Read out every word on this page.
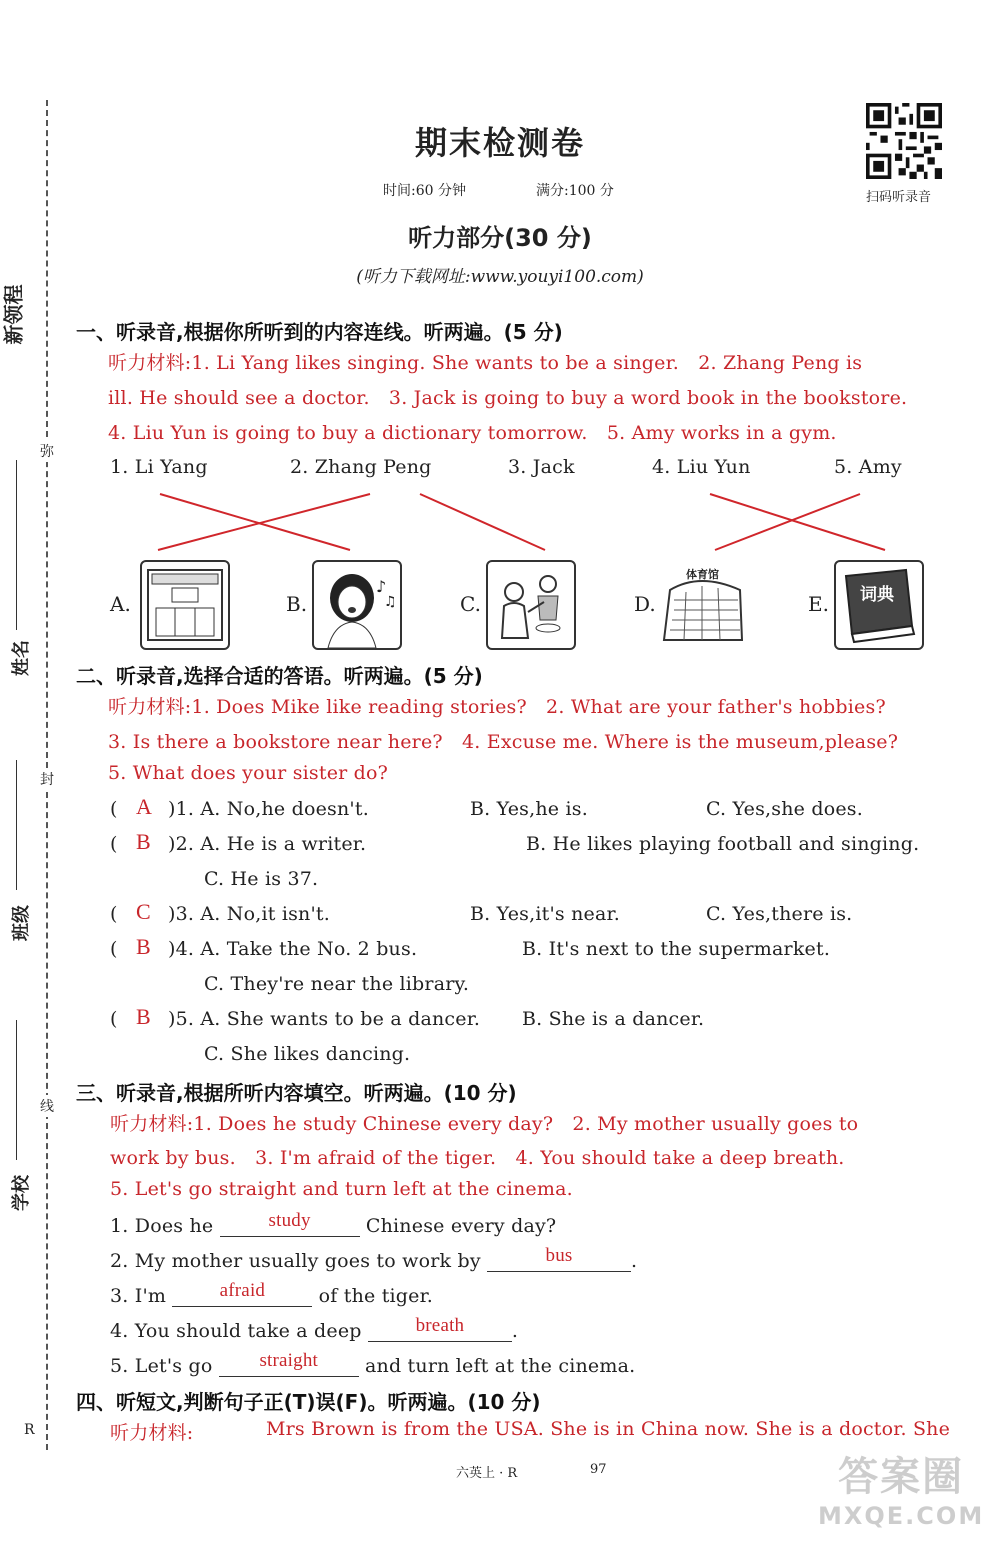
新领程
弥
封
线
姓名
班级
学校
R
期末检测卷
时间:60 分钟	满分:100 分	扫码听录音
听力部分(30 分)
(听力下载网址:www.youyi100.com)
一、听录音,根据你所听到的内容连线。听两遍。(5 分)
听力材料:1. Li Yang likes singing. She wants to be a singer.　2. Zhang Peng is
ill. He should see a doctor.　3. Jack is going to buy a word book in the bookstore.
4. Liu Yun is going to buy a dictionary tomorrow.　5. Amy works in a gym.
1. Li Yang	2. Zhang Peng	3. Jack	4. Liu Yun	5. Amy
A.	B.
♪
♫	C.	D.
体育馆
E. 词典
二、听录音,选择合适的答语。听两遍。(5 分)
听力材料:1. Does Mike like reading stories?　2. What are your father's hobbies?
3. Is there a bookstore near here?　4. Excuse me. Where is the museum,please?
5. What does your sister do?
( A )1. A. No,he doesn't.	B. Yes,he is.	C. Yes,she does.
( B )2. A. He is a writer.	B. He likes playing football and singing.
C. He is 37.
( C )3. A. No,it isn't.	B. Yes,it's near.	C. Yes,there is.
( B )4. A. Take the No. 2 bus.	B. It's next to the supermarket.
C. They're near the library.
( B )5. A. She wants to be a dancer. B. She is a dancer.
C. She likes dancing.
三、听录音,根据所听内容填空。听两遍。(10 分)
听力材料:1. Does he study Chinese every day?　2. My mother usually goes to
work by bus.　3. I'm afraid of the tiger.　4. You should take a deep breath.
5. Let's go straight and turn left at the cinema.
1. Does he	study	Chinese every day?
2. My mother usually goes to work by	bus	.
3. I'm	afraid	of the tiger.
4. You should take a deep	breath	.
5. Let's go straight and turn left at the cinema.
四、听短文,判断句子正(T)误(F)。听两遍。(10 分)
听力材料:	Mrs Brown is from the USA. She is in China now. She is a doctor. She
六英上 · R	97	答案圈
MXQE.COM
